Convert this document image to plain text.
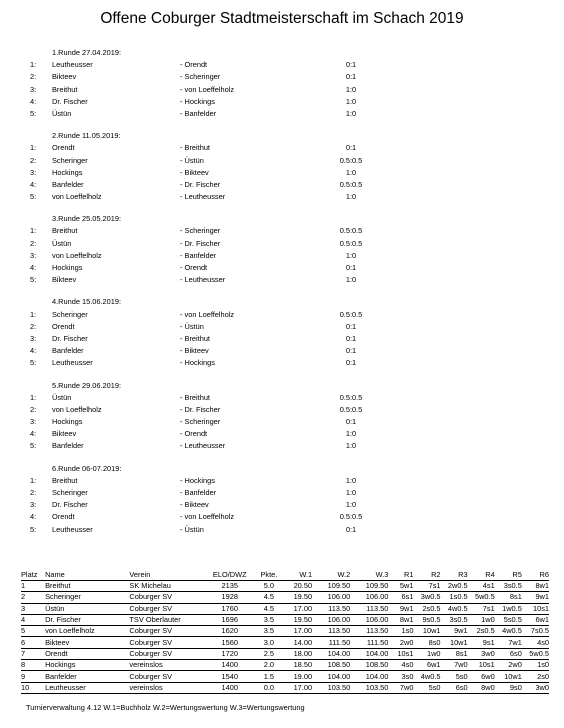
Offene Coburger Stadtmeisterschaft im Schach 2019
1.Runde 27.04.2019:
1: Leutheusser	- Orendt	0:1
2: Bikteev	- Scheringer	0:1
3: Breithut	- von Loeffelholz	1:0
4: Dr. Fischer	- Hockings	1:0
5: Üstün	- Banfelder	1:0
2.Runde 11.05.2019:
1: Orendt	- Breithut	0:1
2: Scheringer	- Üstün	0.5:0.5
3: Hockings	- Bikteev	1:0
4: Banfelder	- Dr. Fischer	0.5:0.5
5: von Loeffelholz	- Leutheusser	1:0
3.Runde 25.05.2019:
1: Breithut	- Scheringer	0.5:0.5
2: Üstün	- Dr. Fischer	0.5:0.5
3: von Loeffelholz	- Banfelder	1:0
4: Hockings	- Orendt	0:1
5: Bikteev	- Leutheusser	1:0
4.Runde 15.06.2019:
1: Scheringer	- von Loeffelholz	0.5:0.5
2: Orendt	- Üstün	0:1
3: Dr. Fischer	- Breithut	0:1
4: Banfelder	- Bikteev	0:1
5: Leutheusser	- Hockings	0:1
5.Runde 29.06.2019:
1: Üstün	- Breithut	0.5:0.5
2: von Loeffelholz	- Dr. Fischer	0.5:0.5
3: Hockings	- Scheringer	0:1
4: Bikteev	- Orendt	1:0
5: Banfelder	- Leutheusser	1:0
6.Runde 06-07.2019:
1: Breithut	- Hockings	1:0
2: Scheringer	- Banfelder	1:0
3: Dr. Fischer	- Bikteev	1:0
4: Orendt	- von Loeffelholz	0.5:0.5
5: Leutheusser	- Üstün	0:1
Platz	Name	Verein	ELO/DWZ	Pkte.	W.1	W.2	W.3	R1	R2	R3	R4	R5	R6
1	Breithut	SK Michelau	2135	5.0	20.50	109.50	109.50	5w1	7s1	2w0.5	4s1	3s0.5	8w1
2	Scheringer	Coburger SV	1928	4.5	19.50	106.00	106.00	6s1	3w0.5	1s0.5	5w0.5	8s1	9w1
3	Üstün	Coburger SV	1760	4.5	17.00	113.50	113.50	9w1	2s0.5	4w0.5	7s1	1w0.5	10s1
4	Dr. Fischer	TSV Oberlauter	1696	3.5	19.50	106.00	106.00	8w1	9s0.5	3s0.5	1w0	5s0.5	6w1
5	von Loeffelholz	Coburger SV	1620	3.5	17.00	113.50	113.50	1s0	10w1	9w1	2s0.5	4w0.5	7s0.5
6	Bikteev	Coburger SV	1560	3.0	14.00	111.50	111.50	2w0	8s0	10w1	9s1	7w1	4s0
7	Orendt	Coburger SV	1720	2.5	18.00	104.00	104.00	10s1	1w0	8s1	3w0	6s0	5w0.5
8	Hockings	vereinslos	1400	2.0	18.50	108.50	108.50	4s0	6w1	7w0	10s1	2w0	1s0
9	Banfelder	Coburger SV	1540	1.5	19.00	104.00	104.00	3s0	4w0.5	5s0	6w0	10w1	2s0
10	Leutheusser	vereinslos	1400	0.0	17.00	103.50	103.50	7w0	5s0	6s0	8w0	9s0	3w0
Turnierverwaltung 4.12 W.1=Buchholz W.2=Wertungswertung W.3=Wertungswertung
